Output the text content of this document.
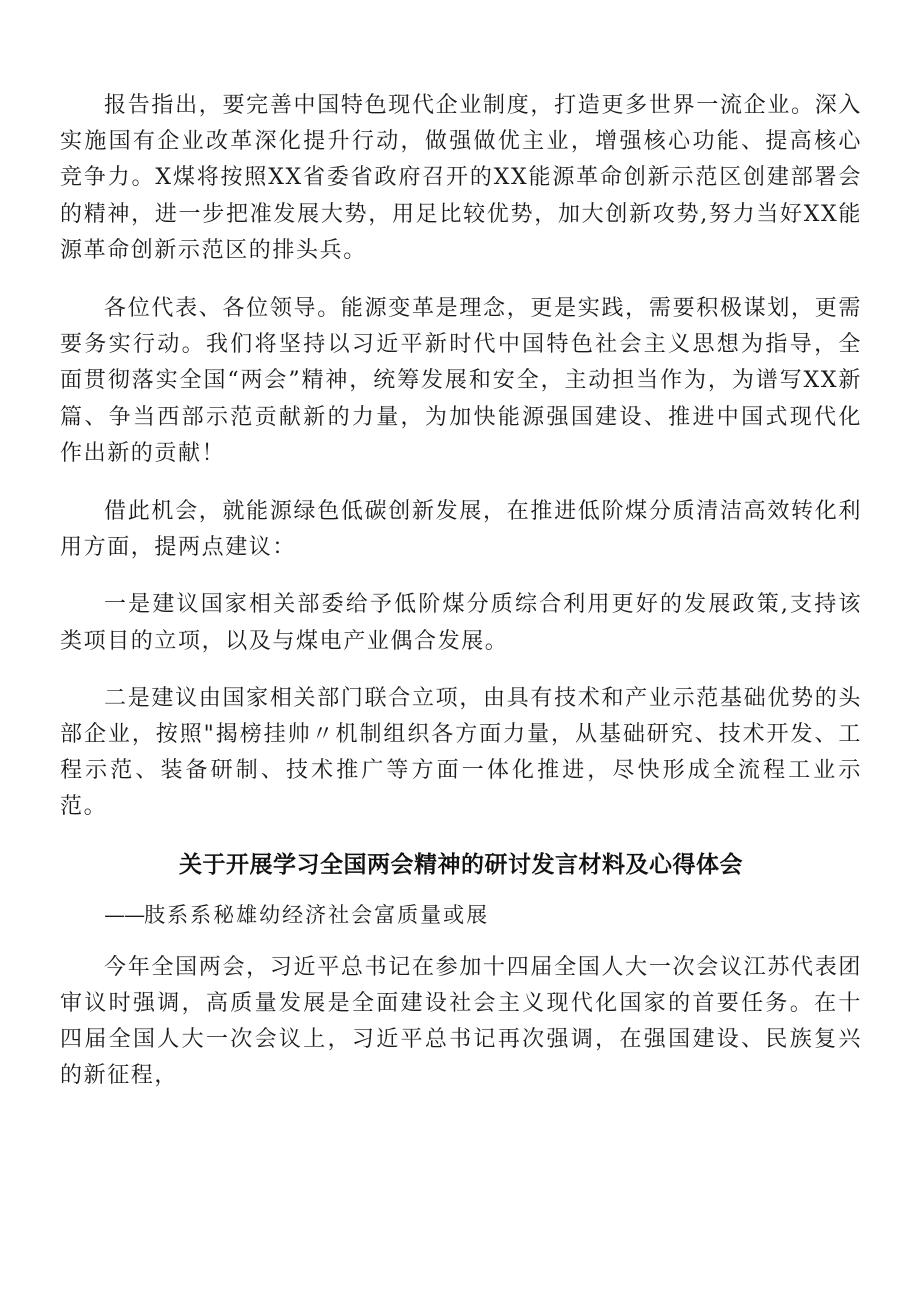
报告指出，要完善中国特色现代企业制度，打造更多世界一流企业。深入实施国有企业改革深化提升行动，做强做优主业，增强核心功能、提高核心竞争力。X煤将按照XX省委省政府召开的XX能源革命创新示范区创建部署会的精神，进一步把准发展大势，用足比较优势，加大创新攻势,努力当好XX能源革命创新示范区的排头兵。

各位代表、各位领导。能源变革是理念，更是实践，需要积极谋划，更需要务实行动。我们将坚持以习近平新时代中国特色社会主义思想为指导，全面贯彻落实全国“两会”精神，统筹发展和安全，主动担当作为，为谱写XX新篇、争当西部示范贡献新的力量，为加快能源强国建设、推进中国式现代化作出新的贡献！

借此机会，就能源绿色低碳创新发展，在推进低阶煤分质清洁高效转化利用方面，提两点建议：

一是建议国家相关部委给予低阶煤分质综合利用更好的发展政策,支持该类项目的立项，以及与煤电产业偶合发展。

二是建议由国家相关部门联合立项，由具有技术和产业示范基础优势的头部企业，按照"揭榜挂帅〃机制组织各方面力量，从基础研究、技术开发、工程示范、装备研制、技术推广等方面一体化推进，尽快形成全流程工业示范。

关于开展学习全国两会精神的研讨发言材料及心得体会

——肢系系秘雄幼经济社会富质量或展

今年全国两会，习近平总书记在参加十四届全国人大一次会议江苏代表团审议时强调，高质量发展是全面建设社会主义现代化国家的首要任务。在十四届全国人大一次会议上，习近平总书记再次强调，在强国建设、民族复兴的新征程，
